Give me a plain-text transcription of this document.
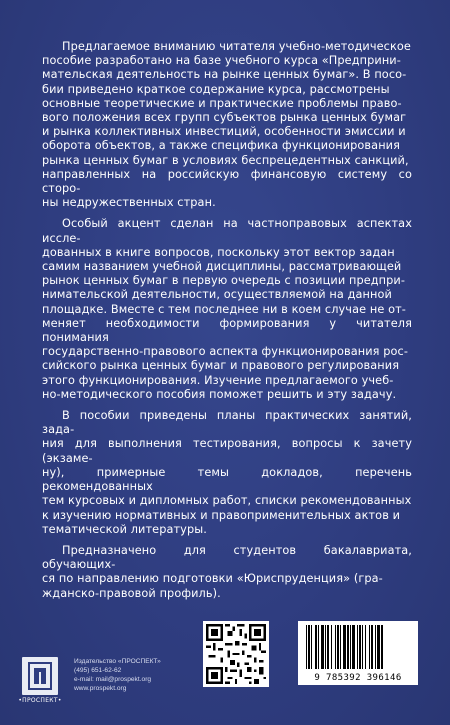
Предлагаемое вниманию читателя учебно-методическое
пособие разработано на базе учебного курса «Предприни-
мательская деятельность на рынке ценных бумаг». В посо-
бии приведено краткое содержание курса, рассмотрены
основные теоретические и практические проблемы право-
вого положения всех групп субъектов рынка ценных бумаг
и рынка коллективных инвестиций, особенности эмиссии и
оборота объектов, а также специфика функционирования
рынка ценных бумаг в условиях беспрецедентных санкций,
направленных на российскую финансовую систему со сторо-
ны недружественных стран.

Особый акцент сделан на частноправовых аспектах иссле-
дованных в книге вопросов, поскольку этот вектор задан
самим названием учебной дисциплины, рассматривающей
рынок ценных бумаг в первую очередь с позиции предпри-
нимательской деятельности, осуществляемой на данной
площадке. Вместе с тем последнее ни в коем случае не от-
меняет необходимости формирования у читателя понимания
государственно-правового аспекта функционирования рос-
сийского рынка ценных бумаг и правового регулирования
этого функционирования. Изучение предлагаемого учеб-
но-методического пособия поможет решить и эту задачу.

В пособии приведены планы практических занятий, зада-
ния для выполнения тестирования, вопросы к зачету (экзаме-
ну), примерные темы докладов, перечень рекомендованных
тем курсовых и дипломных работ, списки рекомендованных
к изучению нормативных и правоприменительных актов и
тематической литературы.

Предназначено для студентов бакалавриата, обучающих-
ся по направлению подготовки «Юриспруденция» (гра-
жданско-правовой профиль).

•ПРОСПЕКТ•
Издательство «ПРОСПЕКТ»
(495) 651-62-62
e-mail: mail@prospekt.org
www.prospekt.org
9 785392 396146
